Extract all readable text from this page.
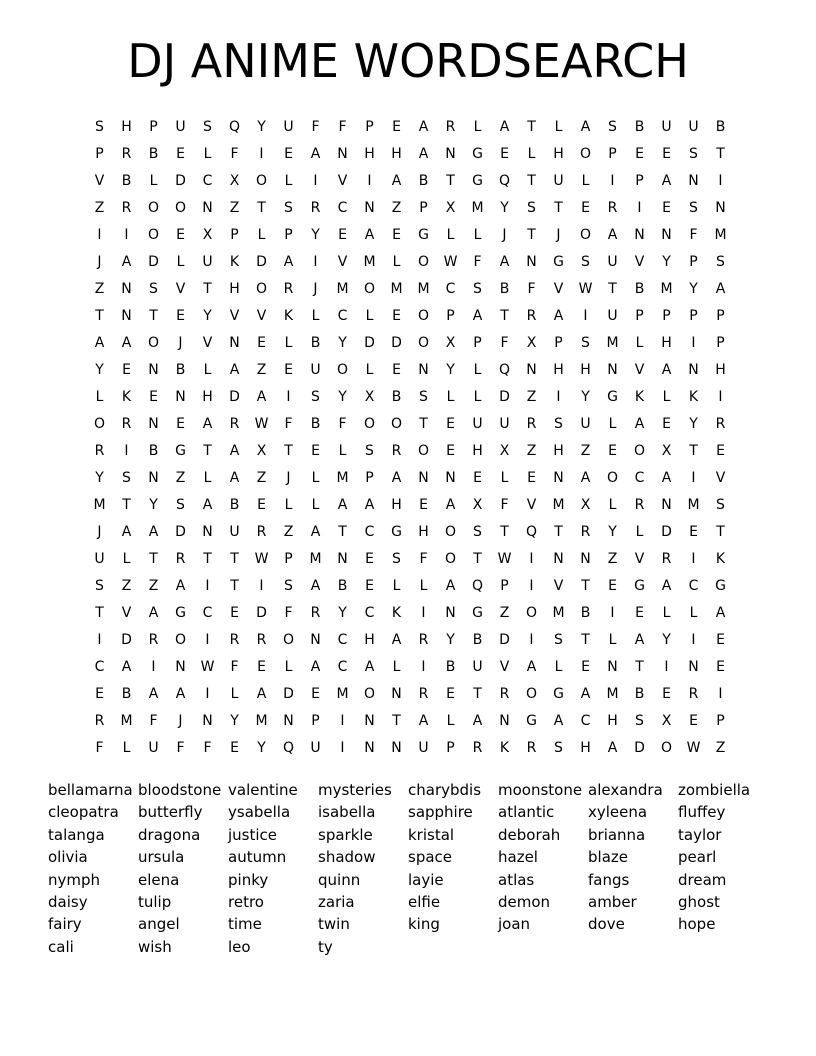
DJ ANIME WORDSEARCH
S H P U S Q Y U F F P E A R L A T L A S B U U B
P R B E L F I E A N H H A N G E L H O P E E S T
V B L D C X O L I V I A B T G Q T U L I P A N I
Z R O O N Z T S R C N Z P X M Y S T E R I E S N
I I O E X P L P Y E A E G L L J T J O A N N F M
J A D L U K D A I V M L O W F A N G S U V Y P S
Z N S V T H O R J M O M M C S B F V W T B M Y A
T N T E Y V V K L C L E O P A T R A I U P P P P
A A O J V N E L B Y D D O X P F X P S M L H I P
Y E N B L A Z E U O L E N Y L Q N H H N V A N H
L K E N H D A I S Y X B S L L D Z I Y G K L K I
O R N E A R W F B F O O T E U U R S U L A E Y R
R I B G T A X T E L S R O E H X Z H Z E O X T E
Y S N Z L A Z J L M P A N N E L E N A O C A I V
M T Y S A B E L L A A H E A X F V M X L R N M S
J A A D N U R Z A T C G H O S T Q T R Y L D E T
U L T R T T W P M N E S F O T W I N N Z V R I K
S Z Z A I T I S A B E L L A Q P I V T E G A C G
T V A G C E D F R Y C K I N G Z O M B I E L L A
I D R O I R R O N C H A R Y B D I S T L A Y I E
C A I N W F E L A C A L I B U V A L E N T I N E
E B A A I L A D E M O N R E T R O G A M B E R I
R M F J N Y M N P I N T A L A N G A C H S X E P
F L U F F E Y Q U I N N U P R K R S H A D O W Z
bellamarna bloodstone valentine	mysteries	charybdis	moonstone alexandra	zombiella
cleopatra	butterfly	ysabella	isabella	sapphire	atlantic	xyleena	fluffey
talanga	dragona	justice	sparkle	kristal	deborah	brianna	taylor
olivia	ursula	autumn	shadow	space	hazel	blaze	pearl
nymph	elena	pinky	quinn	layie	atlas	fangs	dream
daisy	tulip	retro	zaria	elfie	demon	amber	ghost
fairy	angel	time	twin	king	joan	dove	hope
cali	wish	leo	ty
